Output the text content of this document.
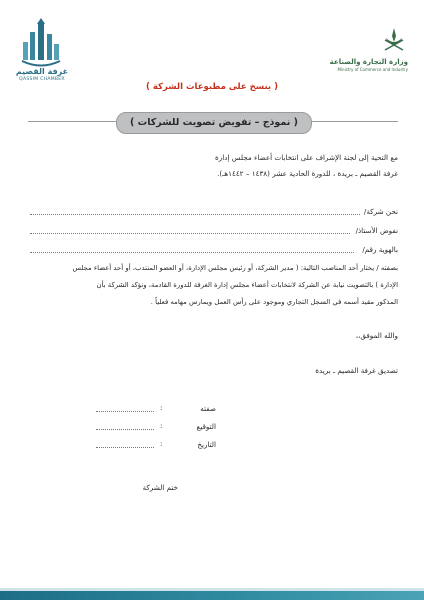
غرفة القصيم
QASSIM CHAMBER
وزارة التجارة والصناعة
Ministry of Commerce and Industry
( ينسخ على مطبوعات الشركة )
( نموذج – تفويض تصويت للشركات )
مع التحية إلى لجنة الإشراف على انتخابات أعضاء مجلس إدارة
غرفة القصيم ـ بريدة ، للدورة الحادية عشر (١٤٣٨ – ١٤٤٢هـ).
نحن شركة/
نفوض الأستاذ/
بالهوية رقم/
بصفته / يختار أحد المناصب التالية: ( مدير الشركة، أو رئيس مجلس الإدارة، أو العضو المنتدب، أو أحد أعضاء مجلس
الإدارة ) بالتصويت نيابة عن الشركة لانتخابات أعضاء مجلس إدارة الغرفة للدورة القادمة، ونؤكد الشركة بأن
المذكور مقيد أسمه في السجل التجاري وموجود على رأس العمل ويمارس مهامه فعلياً .
والله الموفق،،
تصديق غرفة القصيم ـ بريدة
صفته
:
التوقيع
:
التاريخ
:
ختم الشركة
